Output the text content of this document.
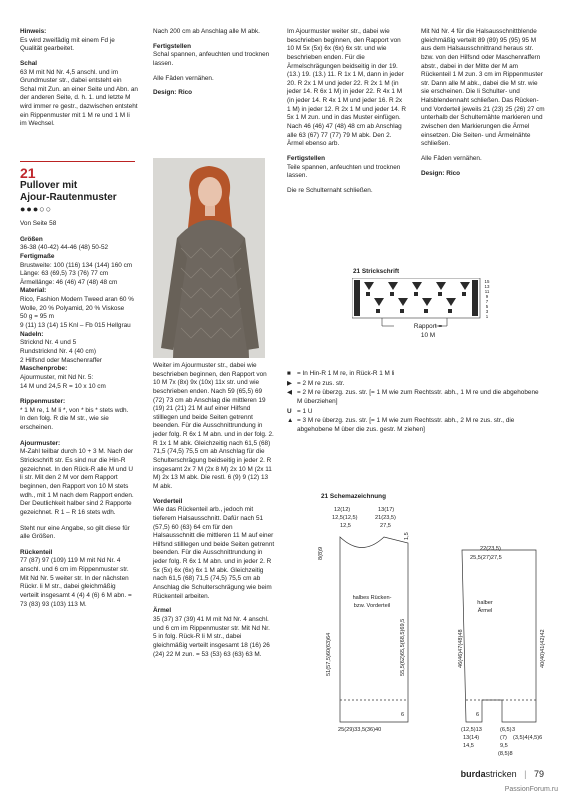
Hinweis:

Es wird zweifädig mit einem Fd je Qualität gearbeitet.

Schal

63 M mit Nd Nr. 4,5 anschl. und im Grundmuster str., dabei entsteht ein Schal mit Zun. an einer Seite und Abn. an der anderen Seite, d. h. 1. und letzte M wird immer re gestr., dazwischen entsteht ein Rippenmuster mit 1 M re und 1 M li im Wechsel.

21
Pullover mit
Ajour-Rautenmuster
●●●○○
Von Seite 58
Größen
36-38 (40-42) 44-46 (48) 50-52
Fertigmaße
Brustweite: 100 (116) 134 (144) 160 cm
Länge: 63 (69,5) 73 (76) 77 cm
Ärmellänge: 46 (46) 47 (48) 48 cm
Material:
Rico, Fashion Modern Tweed aran 60 % Wolle, 20 % Polyamid, 20 % Viskose
50 g = 95 m
9 (11) 13 (14) 15 Knl – Fb 015 Hellgrau
Nadeln:
Stricknd Nr. 4 und 5
Rundstricknd Nr. 4 (40 cm)
2 Hilfsnd oder Maschenraffer
Maschenprobe:
Ajourmuster, mit Nd Nr. 5:
14 M und 24,5 R = 10 x 10 cm
Rippenmuster:
* 1 M re, 1 M li *, von * bis * stets wdh. In den folg. R die M str., wie sie erscheinen.
Ajourmuster:
M-Zahl teilbar durch 10 + 3 M. Nach der Strickschrift str. Es sind nur die Hin-R gezeichnet. In den Rück-R alle M und U li str. Mit den 2 M vor dem Rapport beginnen, den Rapport von 10 M stets wdh., mit 1 M nach dem Rapport enden. Der Deutlichkeit halber sind 2 Rapporte gezeichnet. R 1 – R 16 stets wdh.
Steht nur eine Angabe, so gilt diese für alle Größen.
Rückenteil
77 (87) 97 (109) 119 M mit Nd Nr. 4 anschl. und 6 cm im Rippenmuster str. Mit Nd Nr. 5 weiter str. In der nächsten Rückr. li M str., dabei gleichmäßig verteilt insgesamt 4 (4) 4 (6) 6 M abn. = 73 (83) 93 (103) 113 M.

Nach 200 cm ab Anschlag alle M abk.

Fertigstellen

Schal spannen, anfeuchten und trocknen lassen.

Alle Fäden vernähen.

Design: Rico

Weiter im Ajourmuster str., dabei wie beschrieben beginnen, den Rapport von 10 M 7x (8x) 9x (10x) 11x str. und wie beschrieben enden. Nach 59 (65,5) 69 (72) 73 cm ab Anschlag die mittleren 19 (19) 21 (21) 21 M auf einer Hilfsnd stilllegen und beide Seiten getrennt beenden. Für die Ausschnittrundung in jeder folg. R 6x 1 M abn. und in der folg. 2. R 1x 1 M abk. Gleichzeitig nach 61,5 (68) 71,5 (74,5) 75,5 cm ab Anschlag für die Schulterschrägung beidseitig in jeder 2. R insgesamt 2x 7 M (2x 8 M) 2x 10 M (2x 11 M) 2x 13 M abk. Die restl. 6 (9) 9 (12) 13 M abk.

Vorderteil

Wie das Rückenteil arb., jedoch mit tieferem Halsausschnitt. Dafür nach 51 (57,5) 60 (63) 64 cm für den Halsausschnitt die mittleren 11 M auf einer Hilfsnd stilllegen und beide Seiten getrennt beenden. Für die Ausschnittrundung in jeder folg. R 6x 1 M abn. und in jeder 2. R 5x (5x) 6x (6x) 6x 1 M abk. Gleichzeitig nach 61,5 (68) 71,5 (74,5) 75,5 cm ab Anschlag die Schulterschrägung wie beim Rückenteil arbeiten.

Ärmel

35 (37) 37 (39) 41 M mit Nd Nr. 4 anschl. und 6 cm im Rippenmuster str. Mit Nd Nr. 5 in folg. Rück-R li M str., dabei gleichmäßig verteilt insgesamt 18 (16) 26 (24) 22 M zun. = 53 (53) 63 (63) 63 M.

Im Ajourmuster weiter str., dabei wie beschrieben beginnen, den Rapport von 10 M 5x (5x) 6x (6x) 6x str. und wie beschrieben enden. Für die Ärmelschrägungen beidseitig in der 19. (13.) 19. (13.) 11. R 1x 1 M, dann in jeder 20. R 2x 1 M und jeder 22. R 2x 1 M (in jeder 14. R 6x 1 M) in jeder 22. R 4x 1 M (in jeder 14. R 4x 1 M und jeder 16. R 2x 1 M) in jeder 12. R 2x 1 M und jeder 14. R 5x 1 M zun. und in das Muster einfügen. Nach 46 (46) 47 (48) 48 cm ab Anschlag alle 63 (67) 77 (77) 79 M abk. Den 2. Ärmel ebenso arb.

Fertigstellen

Teile spannen, anfeuchten und trocknen lassen.

Die re Schulternaht schließen.

Mit Nd Nr. 4 für die Halsausschnittblende gleichmäßig verteilt 89 (89) 95 (95) 95 M aus dem Halsausschnittrand heraus str. bzw. von den Hilfsnd oder Maschenraffern abstr., dabei in der Mitte der M am Rückenteil 1 M zun. 3 cm im Rippenmuster str. Dann alle M abk., dabei die M str. wie sie erscheinen. Die li Schulter- und Halsblendennaht schließen. Das Rücken- und Vorderteil jeweils 21 (23) 25 (26) 27 cm unterhalb der Schulternähte markieren und zwischen den Markierungen die Ärmel einsetzen. Die Seiten- und Ärmelnähte schließen.

Alle Fäden vernähen.

Design: Rico

21 Strickschrift
15
13
11
9
7
5
3
1
Rapport =
10 M
■ = In Hin-R 1 M re, in Rück-R 1 M li
▶ = 2 M re zus. str.
◀ = 2 M re überzg. zus. str. [= 1 M wie zum Rechtsstr. abh., 1 M re und die abgehobene M überziehen]
U = 1 U
▲ = 3 M re überzg. zus. str. [= 1 M wie zum Rechtsstr. abh., 2 M re zus. str., die abgehobene M über die zus. gestr. M ziehen]
21 Schemazeichnung
12(12)
12,5(12,5)
12,5
13(17)
21(23,5)
27,5
8(8)9
1,5
51(57,5)60(63)64	55,5(62)65,5(68,5)69,5
halbes Rücken- bzw. Vorderteil
25(29)33,5(36)40
6	6
22(23,5)
25,5(27)27,5
halber Ärmel
46(46)47(48)48	40(40)41(42)42
(12,5)13
13(14)
14,5
(6,5)
9,5
(8,5)8
3
(7) (3,5)4(4,5)6
burdastricken | 79
PassionForum.ru
